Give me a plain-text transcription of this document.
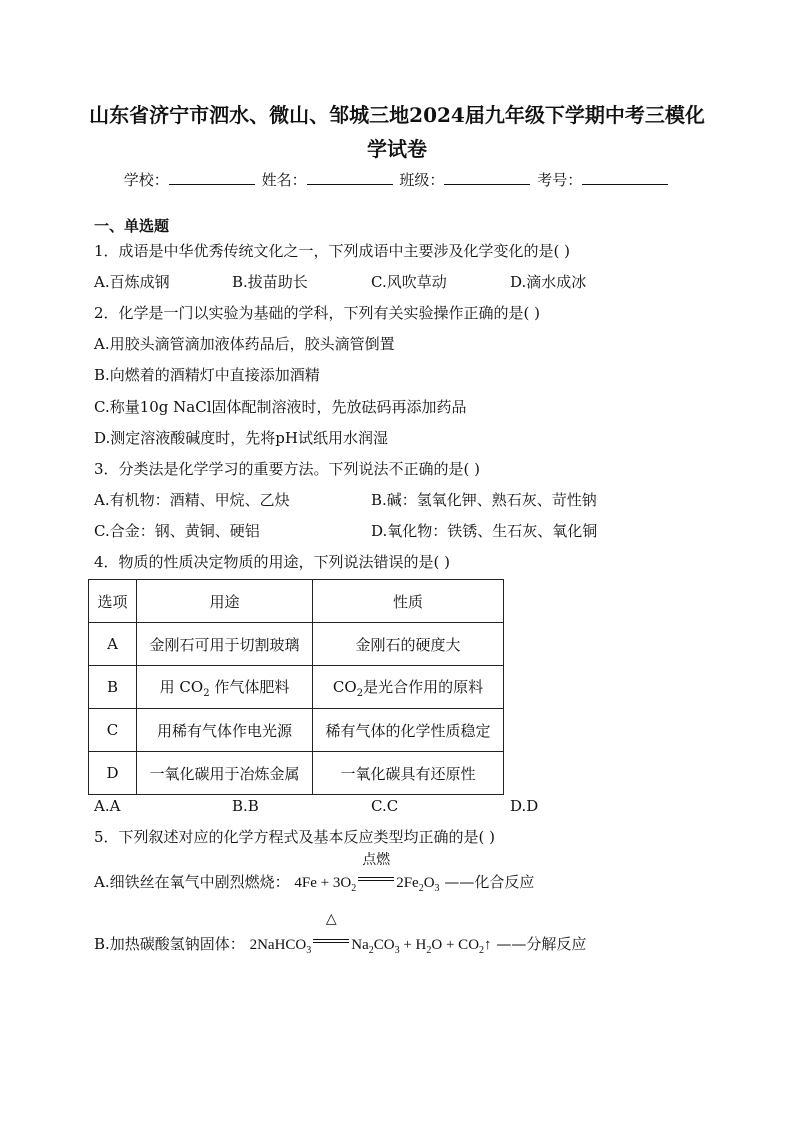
山东省济宁市泗水、微山、邹城三地2024届九年级下学期中考三模化
学试卷
学校：	姓名：	班级：	考号：
一、单选题
1．成语是中华优秀传统文化之一，下列成语中主要涉及化学变化的是( )
A.百炼成钢	B.拔苗助长	C.风吹草动	D.滴水成冰
2．化学是一门以实验为基础的学科，下列有关实验操作正确的是( )
A.用胶头滴管滴加液体药品后，胶头滴管倒置
B.向燃着的酒精灯中直接添加酒精
C.称量10g NaCl固体配制溶液时，先放砝码再添加药品
D.测定溶液酸碱度时，先将pH试纸用水润湿
3．分类法是化学学习的重要方法。下列说法不正确的是( )
A.有机物：酒精、甲烷、乙炔	B.碱：氢氧化钾、熟石灰、苛性钠
C.合金：钢、黄铜、硬铝	D.氧化物：铁锈、生石灰、氧化铜
4．物质的性质决定物质的用途，下列说法错误的是( )
选项	用途	性质
A	金刚石可用于切割玻璃	金刚石的硬度大
B	用 $CO_2$ 作气体肥料	$CO_2$是光合作用的原料
C	用稀有气体作电光源	稀有气体的化学性质稳定
D	一氧化碳用于冶炼金属	一氧化碳具有还原性
A.A	B.B	C.C	D.D
5．下列叙述对应的化学方程式及基本反应类型均正确的是( )
A.细铁丝在氧气中剧烈燃烧： $4Fe + 3O_2$
点燃
$2Fe_2O_3$ ——化合反应
B.加热碳酸氢钠固体： 2NaHCO$_3$
△
$Na_2CO_3 + H_2O$ + $CO_2↑$ ——分解反应
